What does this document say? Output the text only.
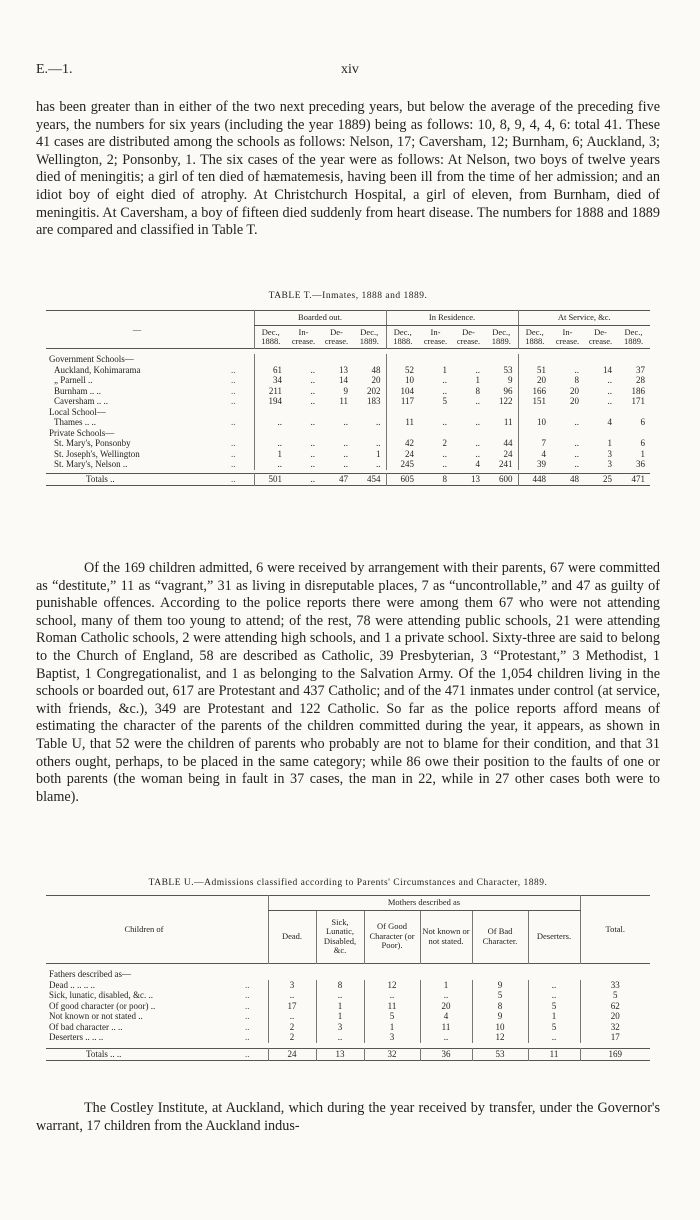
E.—1.	xiv

has been greater than in either of the two next preceding years, but below the average of the preceding five years, the numbers for six years (including the year 1889) being as follows: 10, 8, 9, 4, 4, 6: total 41. These 41 cases are distributed among the schools as follows: Nelson, 17; Caversham, 12; Burnham, 6; Auckland, 3; Wellington, 2; Ponsonby, 1. The six cases of the year were as follows: At Nelson, two boys of twelve years died of meningitis; a girl of ten died of hæmatemesis, having been ill from the time of her admission; and an idiot boy of eight died of atrophy. At Christchurch Hospital, a girl of eleven, from Burnham, died of meningitis. At Caversham, a boy of fifteen died suddenly from heart disease. The numbers for 1888 and 1889 are compared and classified in Table T.

TABLE T.—Inmates, 1888 and 1889.
—		Boarded out.				In Residence.				At Service, &c.			
		Dec., 1888.	In-crease.	De-crease.	Dec., 1889.	Dec., 1888.	In-crease.	De-crease.	Dec., 1889.	Dec., 1888.	In-crease.	De-crease.	Dec., 1889.

Government Schools—													
Auckland, Kohimarama	..	61	..	13	48	52	1	..	53	51	..	14	37
„ Parnell ..	..	34	..	14	20	10	..	1	9	20	8	..	28
Burnham .. ..	..	211	..	9	202	104	..	8	96	166	20	..	186
Caversham .. ..	..	194	..	11	183	117	5	..	122	151	20	..	171
Local School—													
Thames .. ..	..	..	..	..	..	11	..	..	11	10	..	4	6
Private Schools—													
St. Mary's, Ponsonby	..	..	..	..	..	42	2	..	44	7	..	1	6
St. Joseph's, Wellington	..	1	..	..	1	24	..	..	24	4	..	3	1
St. Mary's, Nelson ..	..	..	..	..	..	245	..	4	241	39	..	3	36

Totals ..	..	501	..	47	454	605	8	13	600	448	48	25	471

Of the 169 children admitted, 6 were received by arrangement with their parents, 67 were committed as “destitute,” 11 as “vagrant,” 31 as living in disreputable places, 7 as “uncontrollable,” and 47 as guilty of punishable offences. According to the police reports there were among them 67 who were not attending school, many of them too young to attend; of the rest, 78 were attending public schools, 21 were attending Roman Catholic schools, 2 were attending high schools, and 1 a private school. Sixty-three are said to belong to the Church of England, 58 are described as Catholic, 39 Presbyterian, 3 “Protestant,” 3 Methodist, 1 Baptist, 1 Congregationalist, and 1 as belonging to the Salvation Army. Of the 1,054 children living in the schools or boarded out, 617 are Protestant and 437 Catholic; and of the 471 inmates under control (at service, with friends, &c.), 349 are Protestant and 122 Catholic. So far as the police reports afford means of estimating the character of the parents of the children committed during the year, it appears, as shown in Table U, that 52 were the children of parents who probably are not to blame for their condition, and that 31 others ought, perhaps, to be placed in the same category; while 86 owe their position to the faults of one or both parents (the woman being in fault in 37 cases, the man in 22, while in 27 other cases both were to blame).

TABLE U.—Admissions classified according to Parents' Circumstances and Character, 1889.
Children of		Mothers described as						Total.
		Dead.	Sick, Lunatic, Disabled, &c.	Of Good Character (or Poor).	Not known or not stated.	Of Bad Character.	Deserters.	

Fathers described as—								
Dead .. .. .. ..	..	3	8	12	1	9	..	33
Sick, lunatic, disabled, &c. ..	..	..	..	..	..	5	..	5
Of good character (or poor) ..	..	17	1	11	20	8	5	62
Not known or not stated ..	..	..	1	5	4	9	1	20
Of bad character .. ..	..	2	3	1	11	10	5	32
Deserters .. .. ..	..	2	..	3	..	12	..	17

Totals .. ..	..	24	13	32	36	53	11	169

The Costley Institute, at Auckland, which during the year received by transfer, under the Governor's warrant, 17 children from the Auckland indus-
